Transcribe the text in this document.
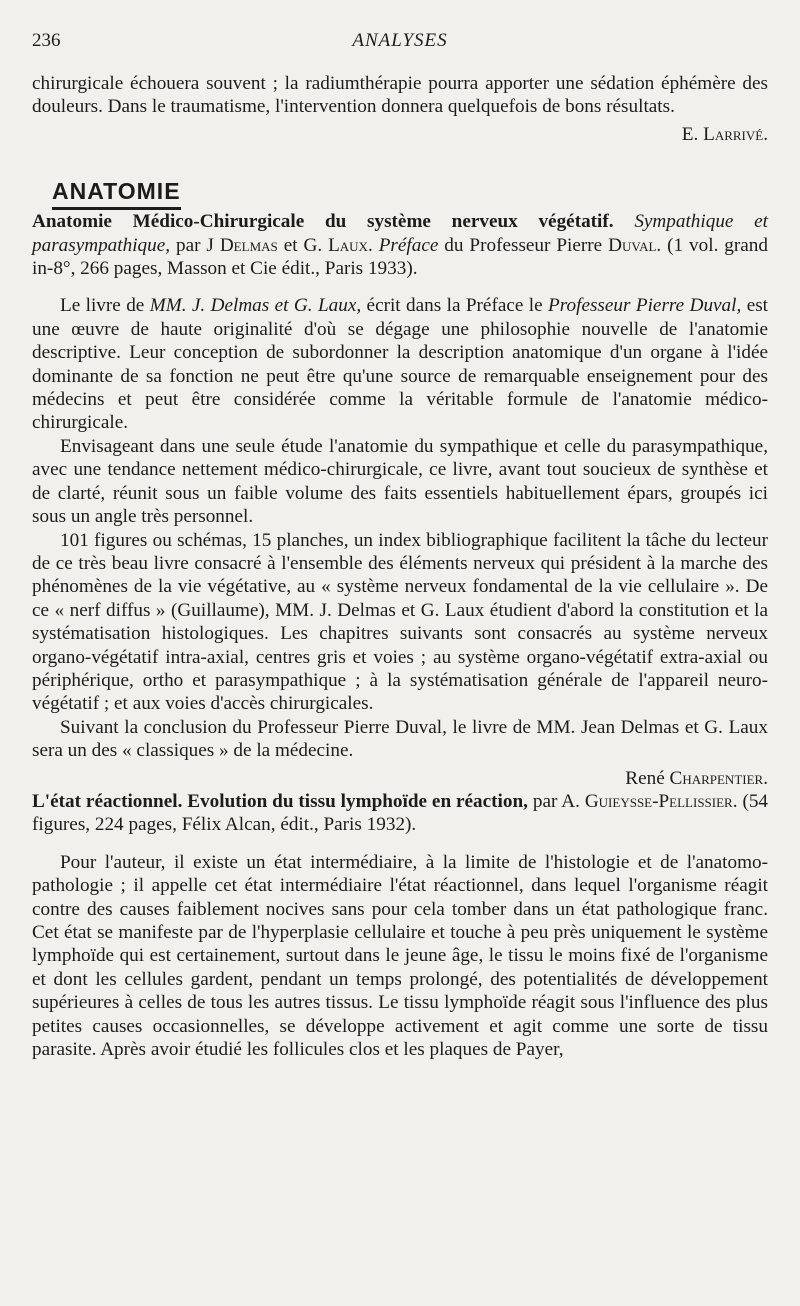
236	ANALYSES

chirurgicale échouera souvent ; la radiumthérapie pourra apporter une sédation éphémère des douleurs. Dans le traumatisme, l'intervention donnera quelquefois de bons résultats.

E. Larrivé.

ANATOMIE

Anatomie Médico-Chirurgicale du système nerveux végétatif. Sympathique et parasympathique, par J Delmas et G. Laux. Préface du Professeur Pierre Duval. (1 vol. grand in-8°, 266 pages, Masson et Cie édit., Paris 1933).

Le livre de MM. J. Delmas et G. Laux, écrit dans la Préface le Professeur Pierre Duval, est une œuvre de haute originalité d'où se dégage une philosophie nouvelle de l'anatomie descriptive. Leur conception de subordonner la description anatomique d'un organe à l'idée dominante de sa fonction ne peut être qu'une source de remarquable enseignement pour des médecins et peut être considérée comme la véritable formule de l'anatomie médico-chirurgicale.

Envisageant dans une seule étude l'anatomie du sympathique et celle du parasympathique, avec une tendance nettement médico-chirurgicale, ce livre, avant tout soucieux de synthèse et de clarté, réunit sous un faible volume des faits essentiels habituellement épars, groupés ici sous un angle très personnel.

101 figures ou schémas, 15 planches, un index bibliographique facilitent la tâche du lecteur de ce très beau livre consacré à l'ensemble des éléments nerveux qui président à la marche des phénomènes de la vie végétative, au « système nerveux fondamental de la vie cellulaire ». De ce « nerf diffus » (Guillaume), MM. J. Delmas et G. Laux étudient d'abord la constitution et la systématisation histologiques. Les chapitres suivants sont consacrés au système nerveux organo-végétatif intra-axial, centres gris et voies ; au système organo-végétatif extra-axial ou périphérique, ortho et parasympathique ; à la systématisation générale de l'appareil neuro-végétatif ; et aux voies d'accès chirurgicales.

Suivant la conclusion du Professeur Pierre Duval, le livre de MM. Jean Delmas et G. Laux sera un des « classiques » de la médecine.

René Charpentier.

L'état réactionnel. Evolution du tissu lymphoïde en réaction, par A. Guieysse-Pellissier. (54 figures, 224 pages, Félix Alcan, édit., Paris 1932).

Pour l'auteur, il existe un état intermédiaire, à la limite de l'histologie et de l'anatomo-pathologie ; il appelle cet état intermédiaire l'état réactionnel, dans lequel l'organisme réagit contre des causes faiblement nocives sans pour cela tomber dans un état pathologique franc. Cet état se manifeste par de l'hyperplasie cellulaire et touche à peu près uniquement le système lymphoïde qui est certainement, surtout dans le jeune âge, le tissu le moins fixé de l'organisme et dont les cellules gardent, pendant un temps prolongé, des potentialités de développement supérieures à celles de tous les autres tissus. Le tissu lymphoïde réagit sous l'influence des plus petites causes occasionnelles, se développe activement et agit comme une sorte de tissu parasite. Après avoir étudié les follicules clos et les plaques de Payer,
